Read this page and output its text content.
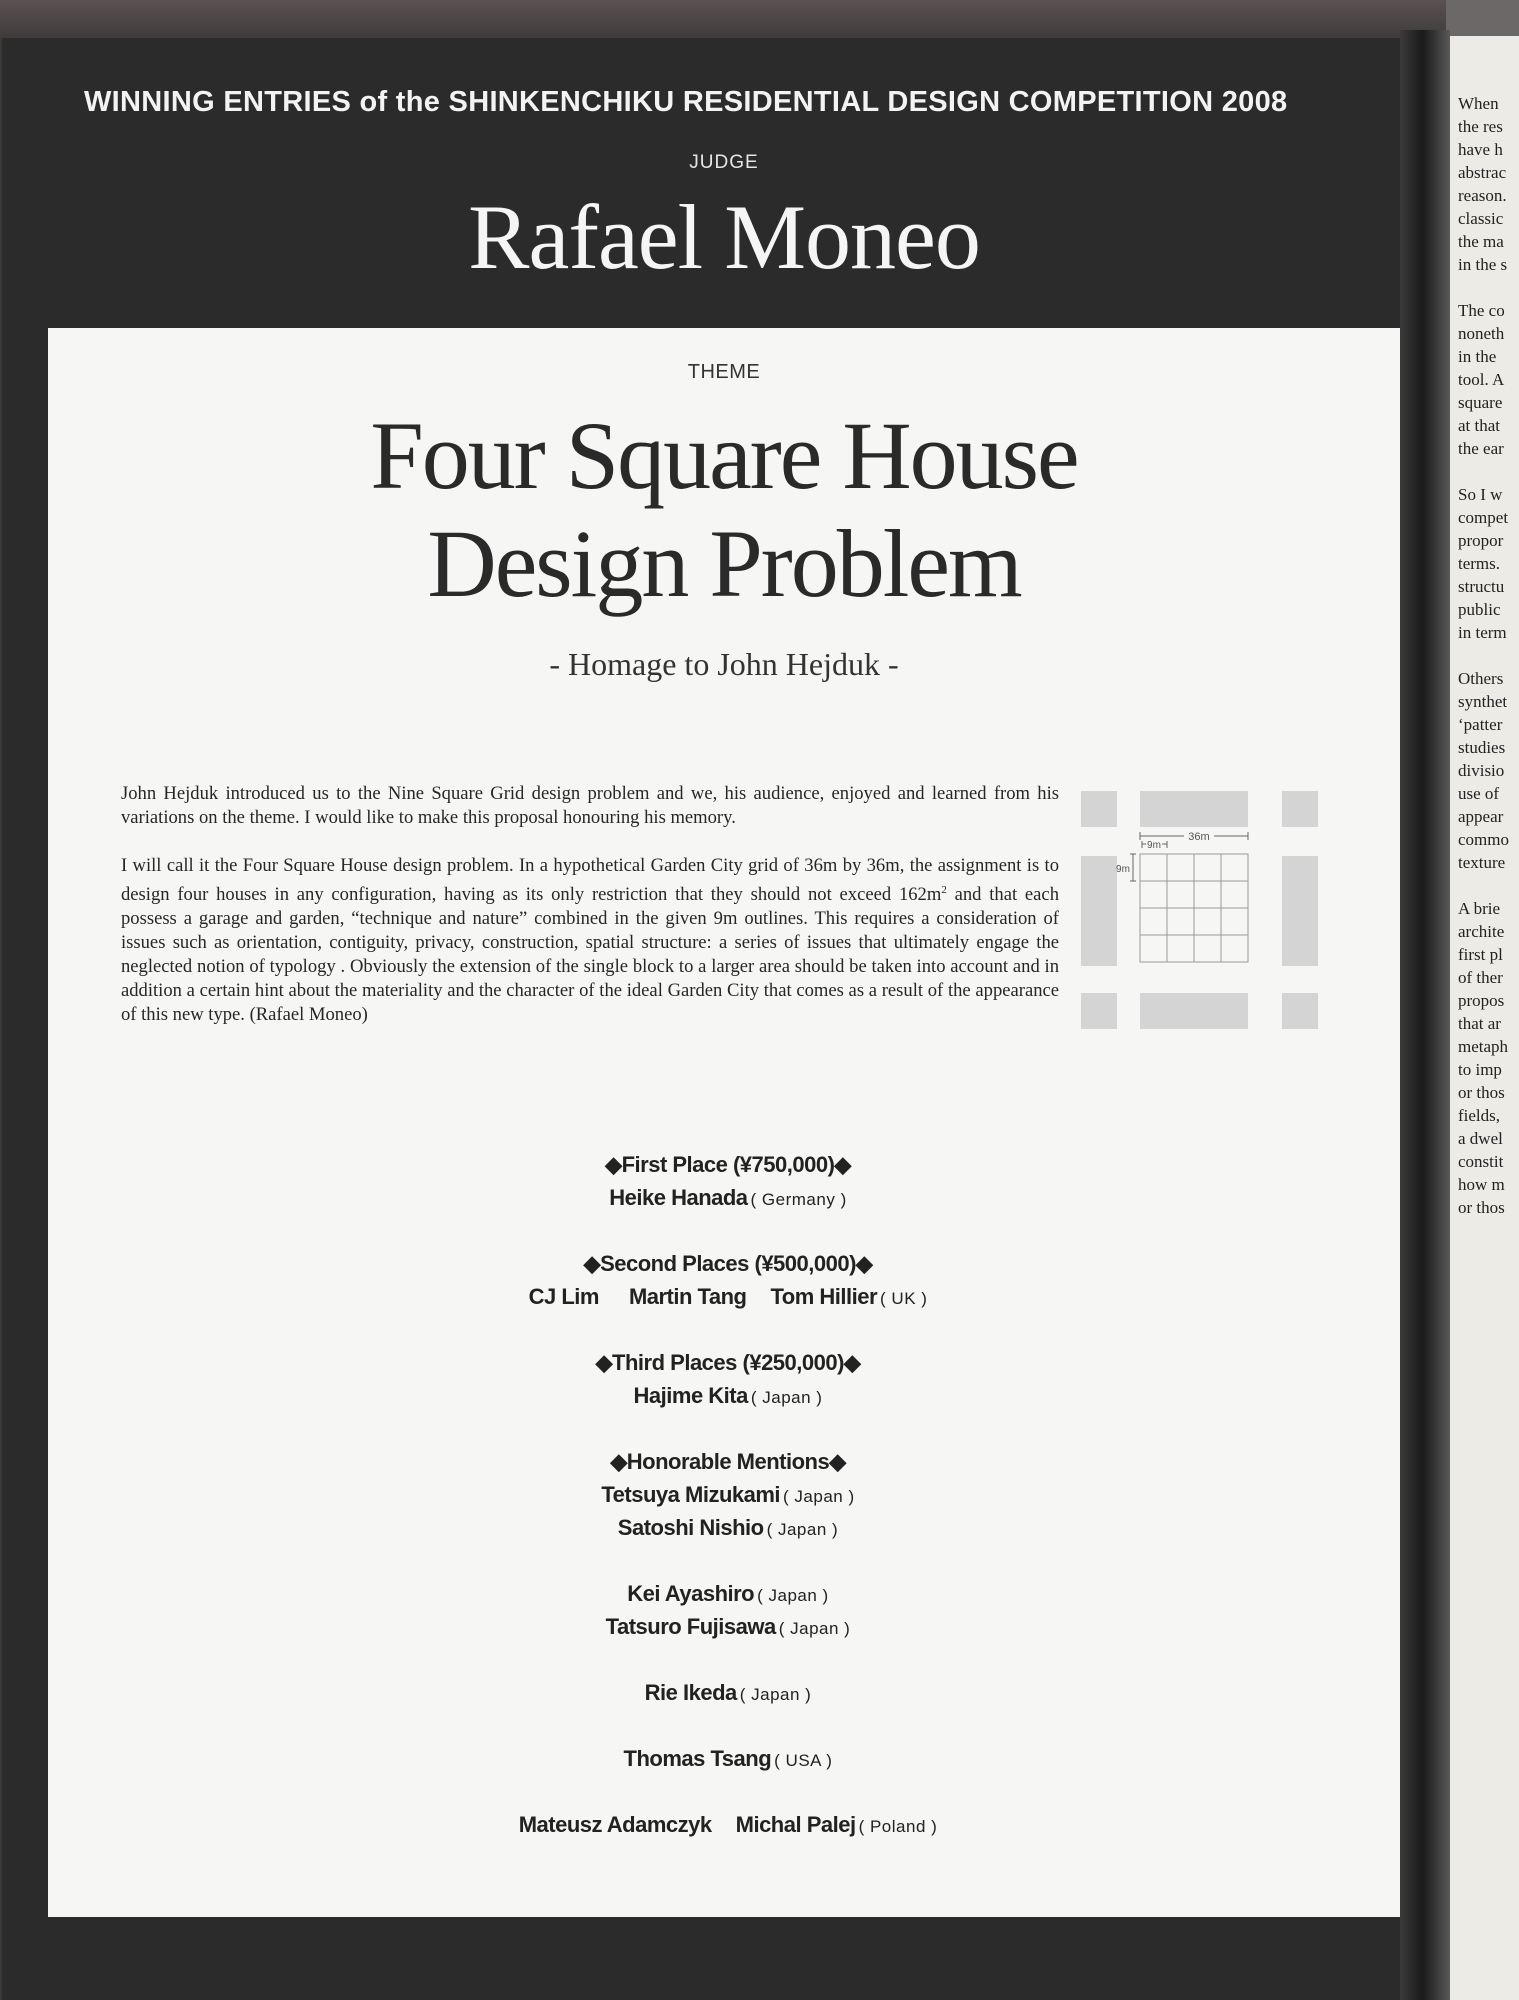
When
the res
have h
abstrac
reason.
classic
the ma
in the s
The co
noneth
in the
tool. A
square
at that
the ear
So I w
compet
propor
terms.
structu
public
in term
Others
synthet
‘patter
studies
divisio
use of
appear
commo
texture
A brie
archite
first pl
of ther
propos
that ar
metaph
to imp
or thos
fields,
a dwel
constit
how m
or thos
WINNING ENTRIES of the SHINKENCHIKU RESIDENTIAL DESIGN COMPETITION 2008
JUDGE
Rafael Moneo
THEME
Four Square House
Design Problem
- Homage to John Hejduk -

John Hejduk introduced us to the Nine Square Grid design problem and we, his audience, enjoyed and learned from his variations on the theme. I would like to make this proposal honouring his memory.

I will call it the Four Square House design problem. In a hypothetical Garden City grid of 36m by 36m, the assignment is to design four houses in any configuration, having as its only restriction that they should not exceed $162m^2$ and that each possess a garage and garden, “technique and nature” combined in the given 9m outlines. This requires a consideration of issues such as orientation, contiguity, privacy, construction, spatial structure: a series of issues that ultimately engage the neglected notion of typology . Obviously the extension of the single block to a larger area should be taken into account and in addition a certain hint about the materiality and the character of the ideal Garden City that comes as a result of the appearance of this new type. (Rafael Moneo)

36m
9m
9m
◆First Place (¥750,000)◆
Heike Hanada ( Germany )
◆Second Places (¥500,000)◆
CJ Lim Martin Tang Tom Hillier ( UK )
◆Third Places (¥250,000)◆
Hajime Kita ( Japan )
◆Honorable Mentions◆
Tetsuya Mizukami ( Japan )
Satoshi Nishio ( Japan )
Kei Ayashiro ( Japan )
Tatsuro Fujisawa ( Japan )
Rie Ikeda ( Japan )
Thomas Tsang ( USA )
Mateusz Adamczyk Michal Palej ( Poland )
